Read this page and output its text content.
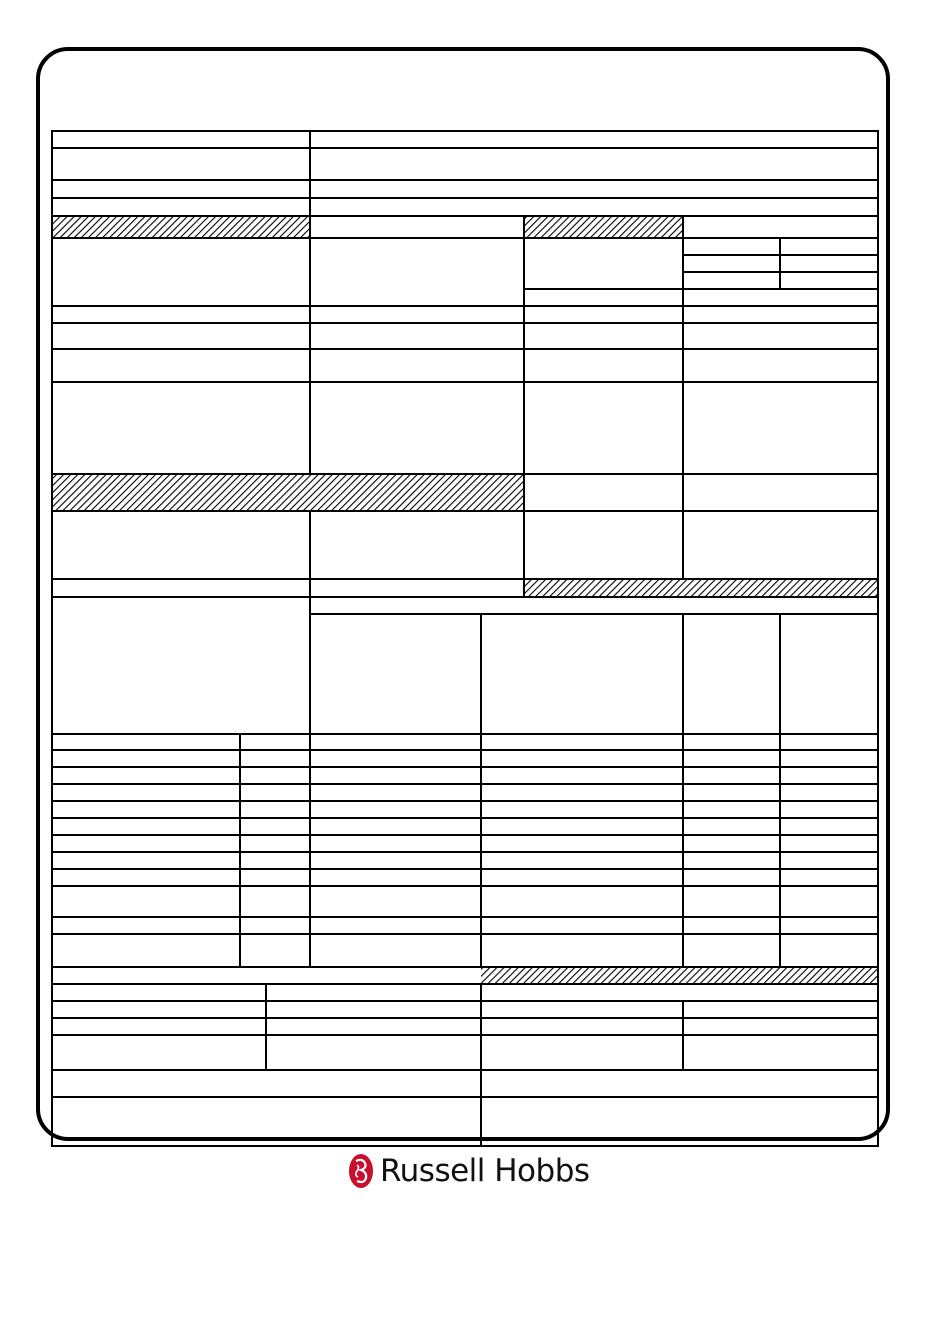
Russell Hobbs
